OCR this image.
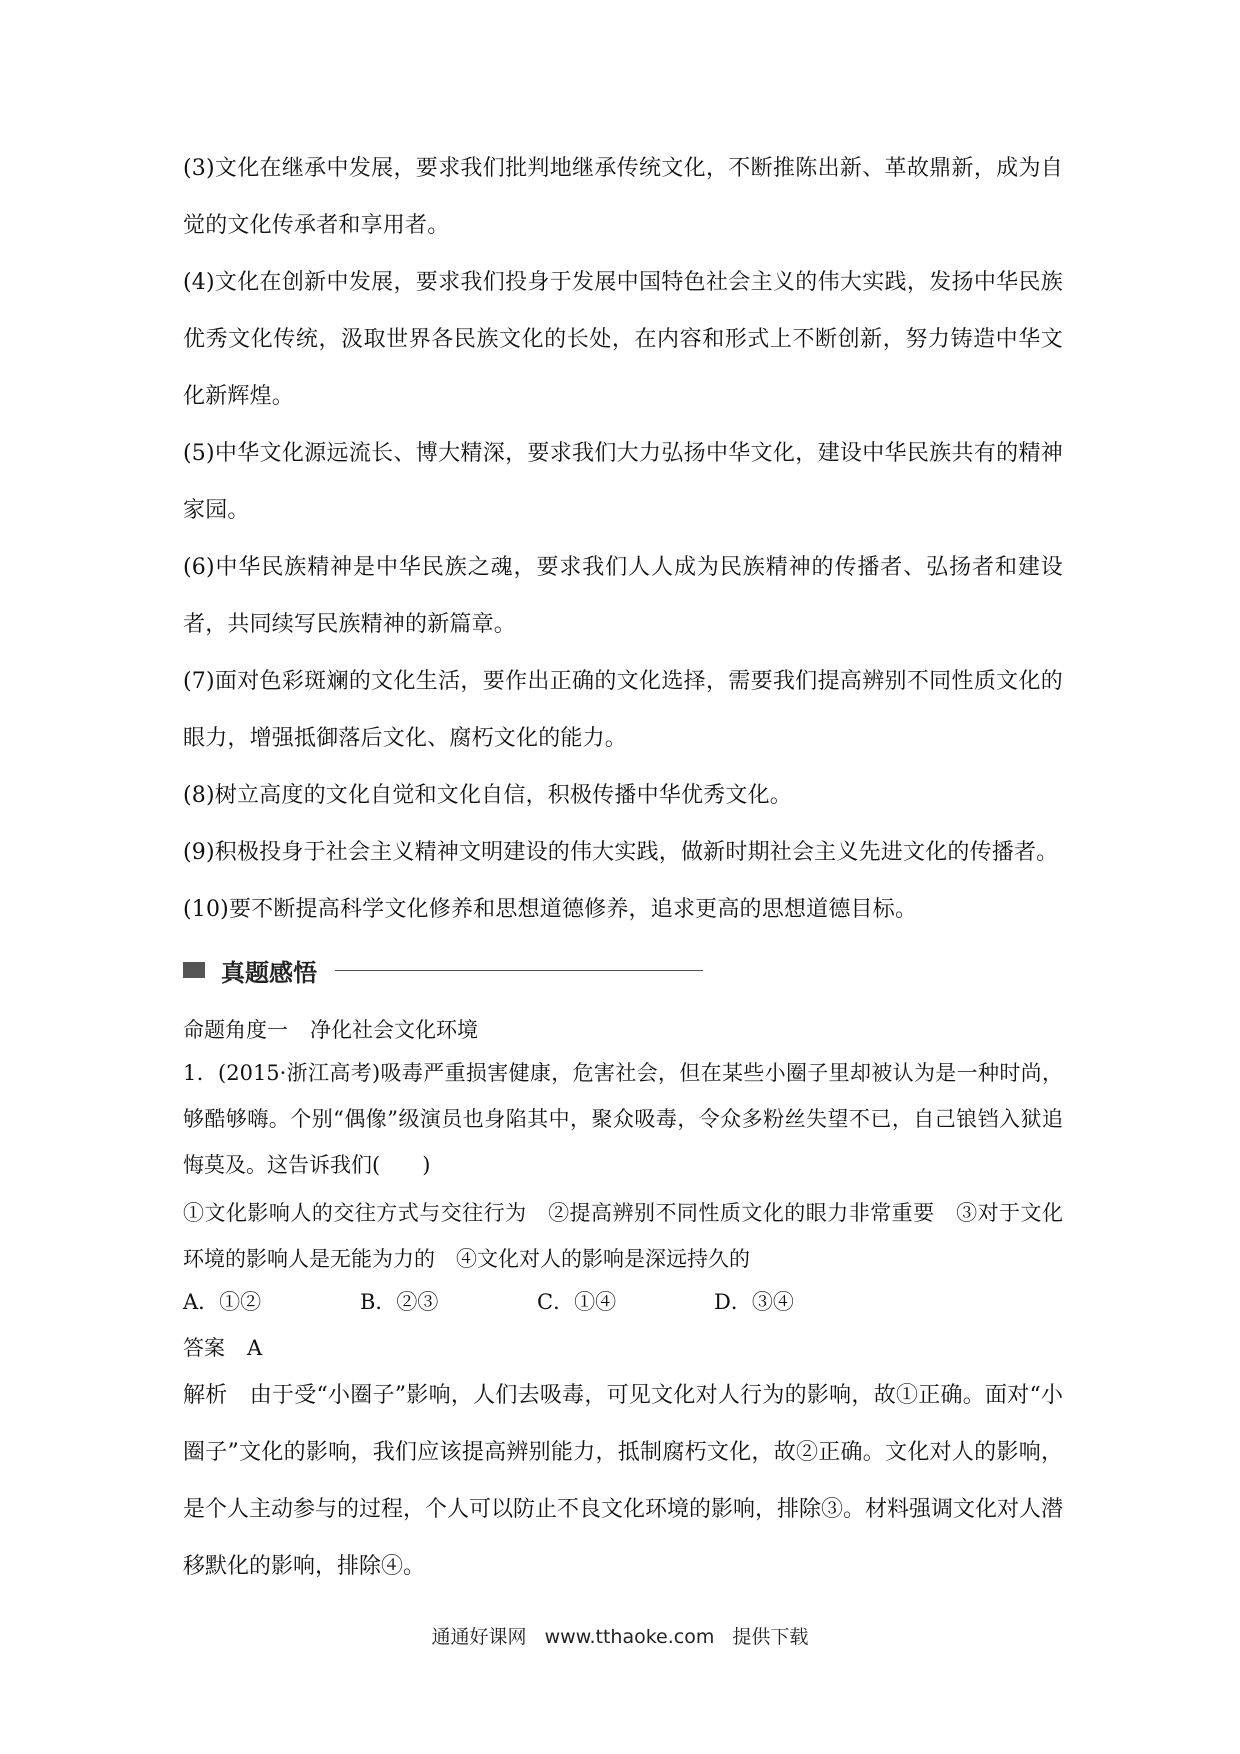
(3)文化在继承中发展，要求我们批判地继承传统文化，不断推陈出新、革故鼎新，成为自觉的文化传承者和享用者。
(4)文化在创新中发展，要求我们投身于发展中国特色社会主义的伟大实践，发扬中华民族优秀文化传统，汲取世界各民族文化的长处，在内容和形式上不断创新，努力铸造中华文化新辉煌。
(5)中华文化源远流长、博大精深，要求我们大力弘扬中华文化，建设中华民族共有的精神家园。
(6)中华民族精神是中华民族之魂，要求我们人人成为民族精神的传播者、弘扬者和建设者，共同续写民族精神的新篇章。
(7)面对色彩斑斓的文化生活，要作出正确的文化选择，需要我们提高辨别不同性质文化的眼力，增强抵御落后文化、腐朽文化的能力。
(8)树立高度的文化自觉和文化自信，积极传播中华优秀文化。
(9)积极投身于社会主义精神文明建设的伟大实践，做新时期社会主义先进文化的传播者。
(10)要不断提高科学文化修养和思想道德修养，追求更高的思想道德目标。
真题感悟
命题角度一 净化社会文化环境
1．(2015·浙江高考)吸毒严重损害健康，危害社会，但在某些小圈子里却被认为是一种时尚，够酷够嗨。个别“偶像”级演员也身陷其中，聚众吸毒，令众多粉丝失望不已，自己锒铛入狱追悔莫及。这告诉我们(　　)
①文化影响人的交往方式与交往行为　②提高辨别不同性质文化的眼力非常重要　③对于文化环境的影响人是无能为力的　④文化对人的影响是深远持久的
A．①②	B．②③	C．①④	D．③④
答案 A
解析 由于受“小圈子”影响，人们去吸毒，可见文化对人行为的影响，故①正确。面对“小圈子”文化的影响，我们应该提高辨别能力，抵制腐朽文化，故②正确。文化对人的影响，是个人主动参与的过程，个人可以防止不良文化环境的影响，排除③。材料强调文化对人潜移默化的影响，排除④。
通通好课网 www.tthaoke.com 提供下载
